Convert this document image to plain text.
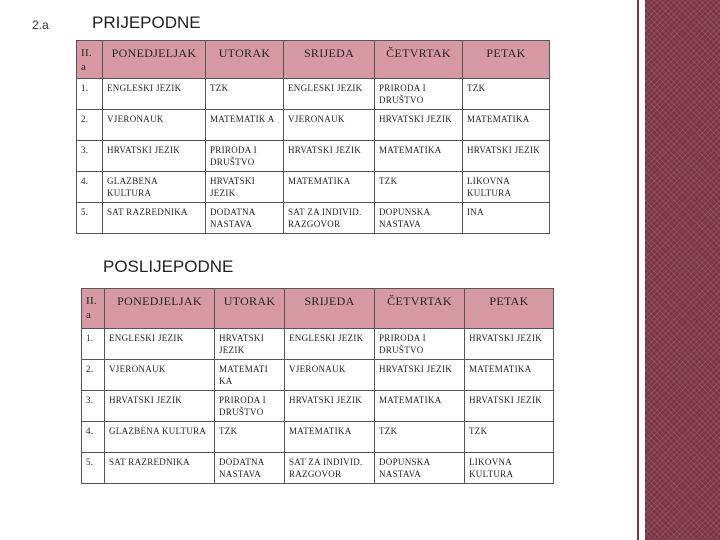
2.a	PRIJEPODNE
POSLIJEPODNE
II. a	PONEDJELJAK	UTORAK	SRIJEDA	ČETVRTAK	PETAK
1.	ENGLESKI JEZIK	TZK	ENGLESKI JEZIK	PRIRODA I DRUŠTVO	TZK
2.	VJERONAUK	MATEMATIK A	VJERONAUK	HRVATSKI JEZIK	MATEMATIKA
3.	HRVATSKI JEZIK	PRIRODA I DRUŠTVO	HRVATSKI JEZIK	MATEMATIKA	HRVATSKI JEZIK
4.	GLAZBENA KULTURA	HRVATSKI JEZIK	MATEMATIKA	TZK	LIKOVNA KULTURA
5.	SAT RAZREDNIKA	DODATNA NASTAVA	SAT ZA INDIVID. RAZGOVOR	DOPUNSKA NASTAVA	INA
II. a	PONEDJELJAK	UTORAK	SRIJEDA	ČETVRTAK	PETAK
1.	ENGLESKI JEZIK	HRVATSKI JEZIK	ENGLESKI JEZIK	PRIRODA I DRUŠTVO	HRVATSKI JEZIK
2.	VJERONAUK	MATEMATI KA	VJERONAUK	HRVATSKI JEZIK	MATEMATIKA
3.	HRVATSKI JEZIK	PRIRODA I DRUŠTVO	HRVATSKI JEZIK	MATEMATIKA	HRVATSKI JEZIK
4.	GLAZBENA KULTURA	TZK	MATEMATIKA	TZK	TZK
5.	SAT RAZREDNIKA	DODATNA NASTAVA	SAT ZA INDIVID. RAZGOVOR	DOPUNSKA NASTAVA	LIKOVNA KULTURA
